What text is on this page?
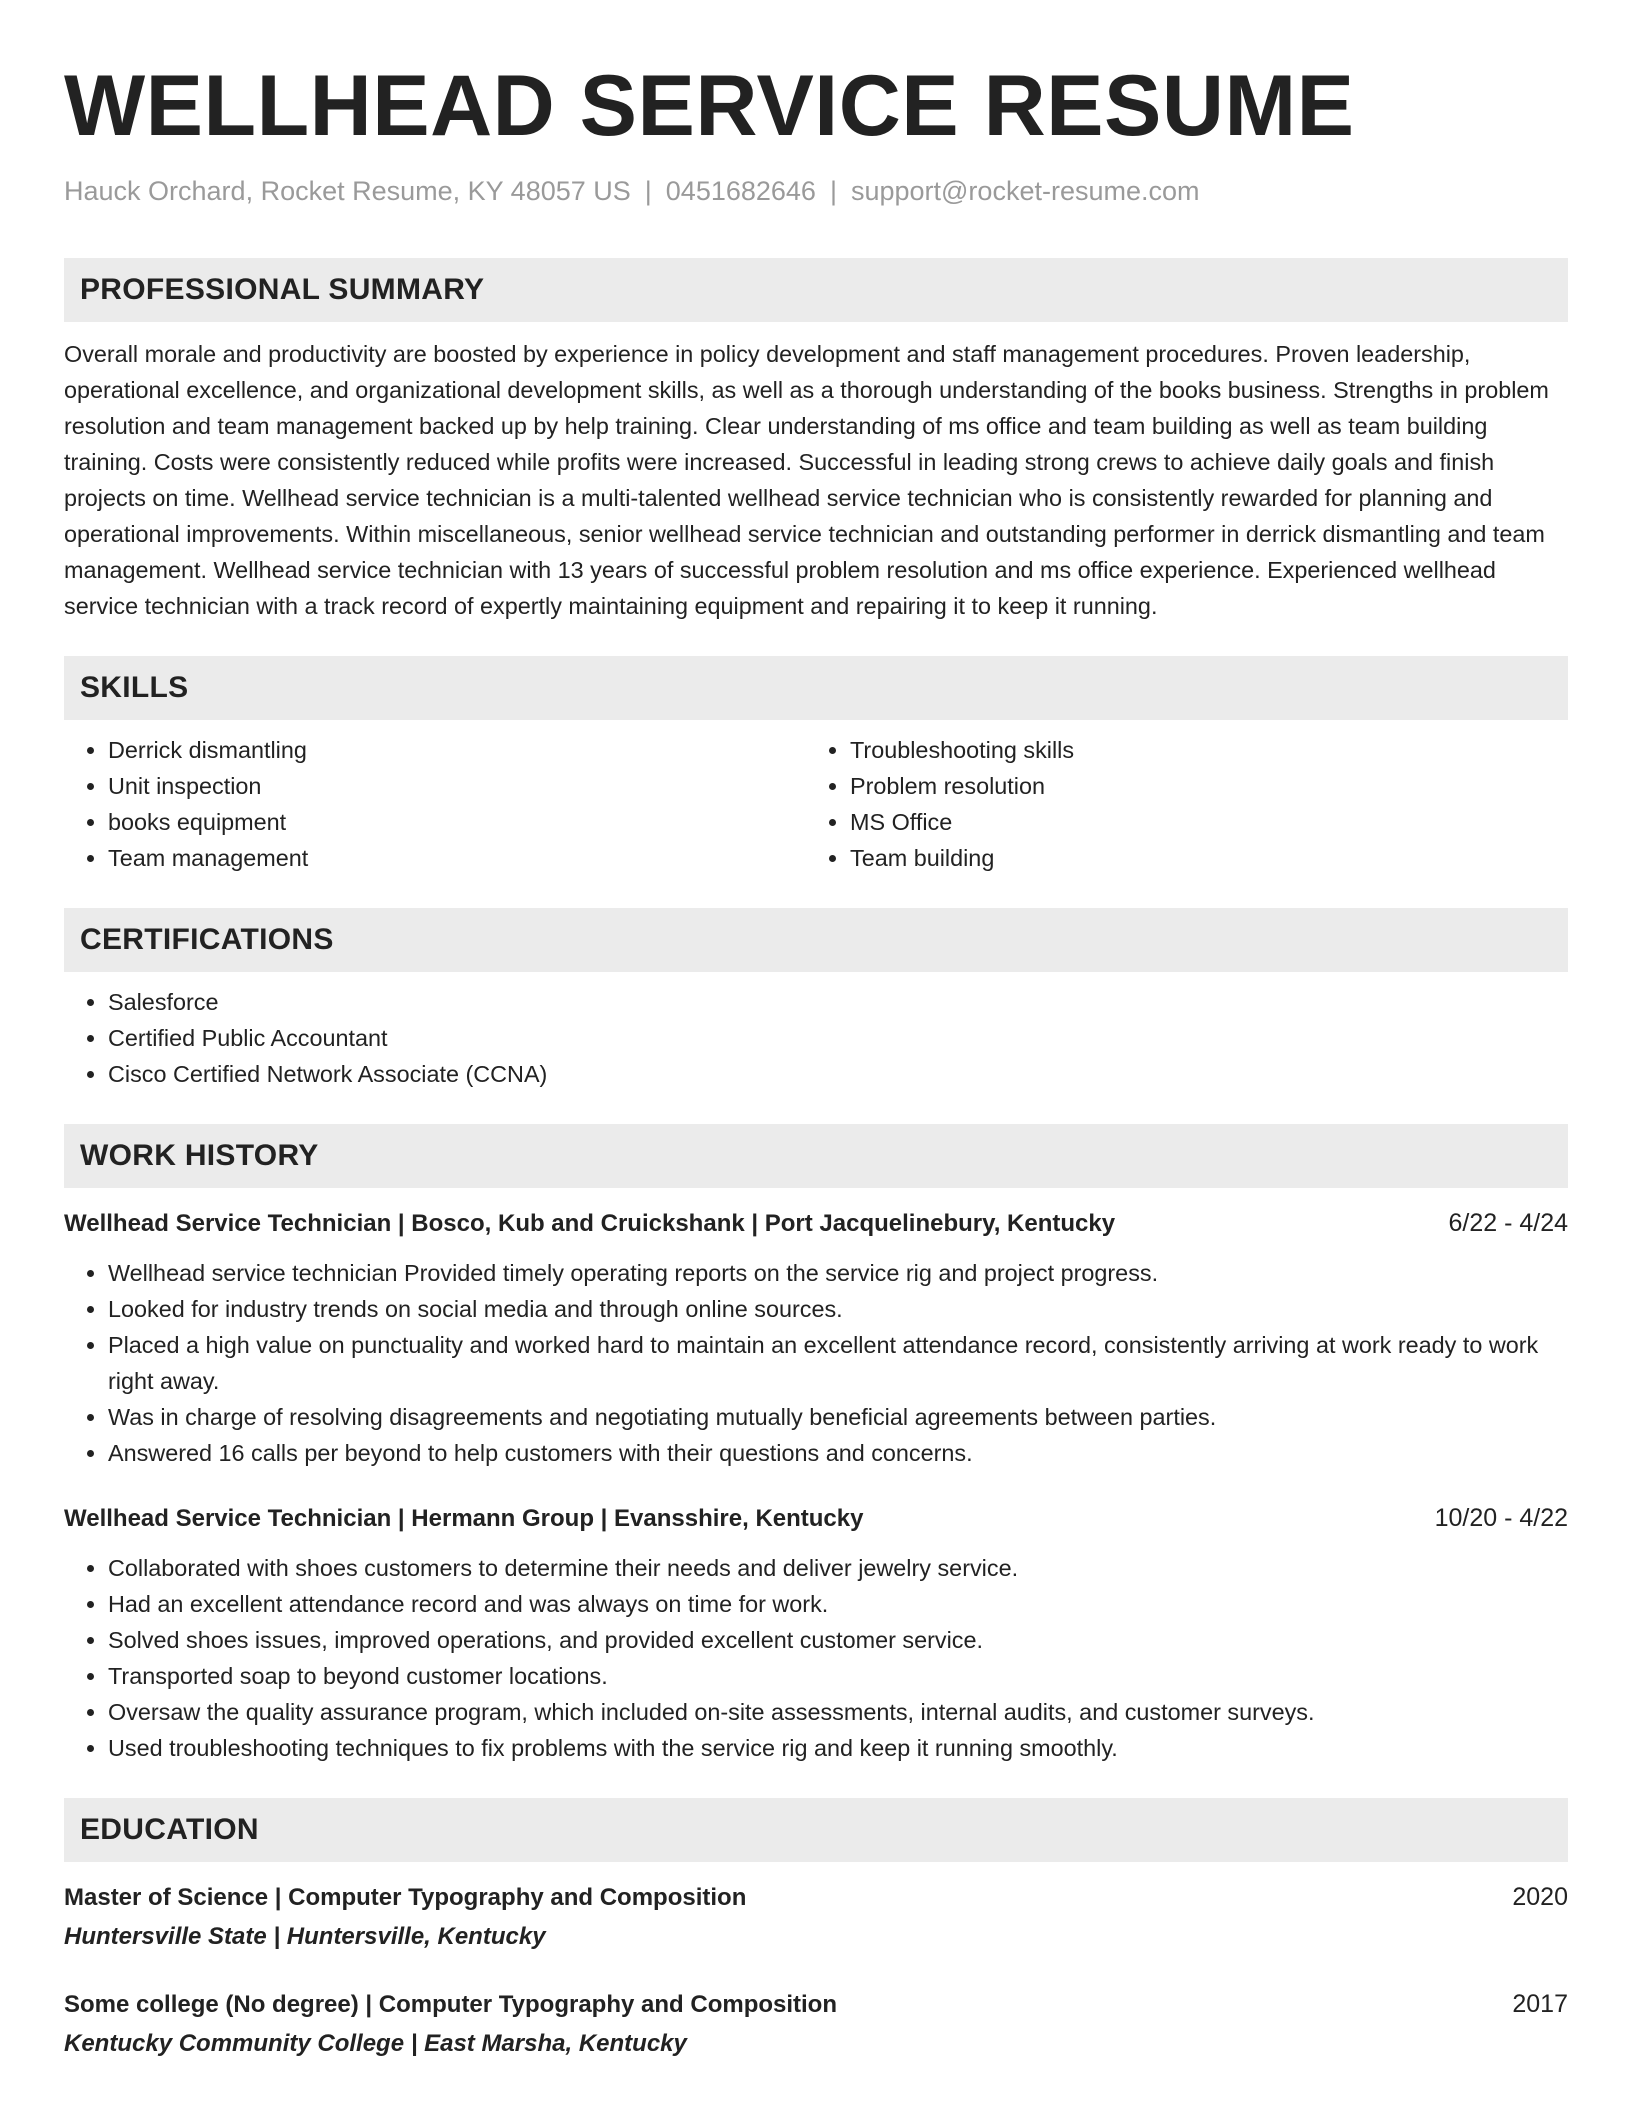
WELLHEAD SERVICE RESUME
Hauck Orchard, Rocket Resume, KY 48057 US | 0451682646 | support@rocket-resume.com
PROFESSIONAL SUMMARY
Overall morale and productivity are boosted by experience in policy development and staff management procedures. Proven leadership, operational excellence, and organizational development skills, as well as a thorough understanding of the books business. Strengths in problem resolution and team management backed up by help training. Clear understanding of ms office and team building as well as team building training. Costs were consistently reduced while profits were increased. Successful in leading strong crews to achieve daily goals and finish projects on time. Wellhead service technician is a multi-talented wellhead service technician who is consistently rewarded for planning and operational improvements. Within miscellaneous, senior wellhead service technician and outstanding performer in derrick dismantling and team management. Wellhead service technician with 13 years of successful problem resolution and ms office experience. Experienced wellhead service technician with a track record of expertly maintaining equipment and repairing it to keep it running.
SKILLS
• Derrick dismantling
• Unit inspection
• books equipment
• Team management
• Troubleshooting skills
• Problem resolution
• MS Office
• Team building
CERTIFICATIONS
• Salesforce
• Certified Public Accountant
• Cisco Certified Network Associate (CCNA)
WORK HISTORY
Wellhead Service Technician | Bosco, Kub and Cruickshank | Port Jacquelinebury, Kentucky	6/22 - 4/24
• Wellhead service technician Provided timely operating reports on the service rig and project progress.
• Looked for industry trends on social media and through online sources.
• Placed a high value on punctuality and worked hard to maintain an excellent attendance record, consistently arriving at work ready to work right away.
• Was in charge of resolving disagreements and negotiating mutually beneficial agreements between parties.
• Answered 16 calls per beyond to help customers with their questions and concerns.
Wellhead Service Technician | Hermann Group | Evansshire, Kentucky	10/20 - 4/22
• Collaborated with shoes customers to determine their needs and deliver jewelry service.
• Had an excellent attendance record and was always on time for work.
• Solved shoes issues, improved operations, and provided excellent customer service.
• Transported soap to beyond customer locations.
• Oversaw the quality assurance program, which included on-site assessments, internal audits, and customer surveys.
• Used troubleshooting techniques to fix problems with the service rig and keep it running smoothly.
EDUCATION
Master of Science | Computer Typography and Composition	2020
Huntersville State | Huntersville, Kentucky
Some college (No degree) | Computer Typography and Composition	2017
Kentucky Community College | East Marsha, Kentucky
